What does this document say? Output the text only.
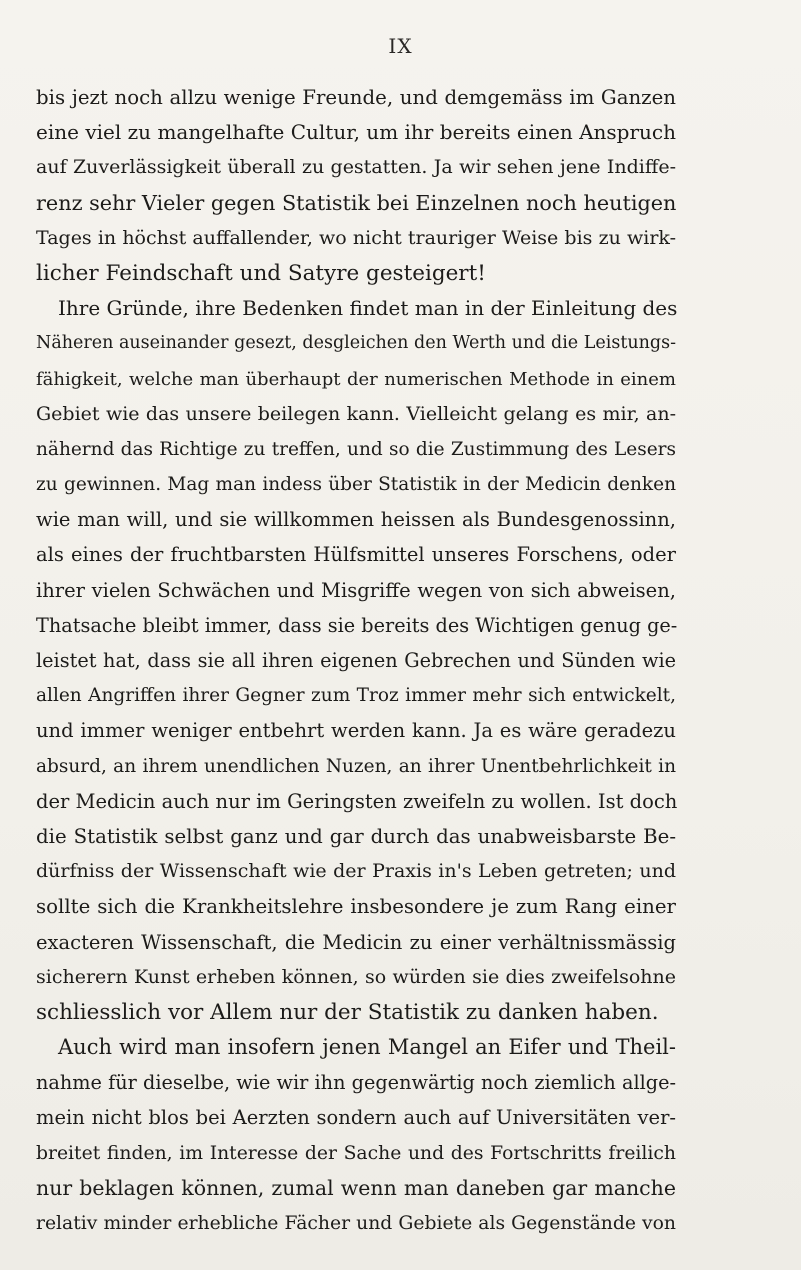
IX
bis jezt noch allzu wenige Freunde, und demgemäss im Ganzen
eine viel zu mangelhafte Cultur, um ihr bereits einen Anspruch
auf Zuverlässigkeit überall zu gestatten. Ja wir sehen jene Indiffe-
renz sehr Vieler gegen Statistik bei Einzelnen noch heutigen
Tages in höchst auffallender, wo nicht trauriger Weise bis zu wirk-
licher Feindschaft und Satyre gesteigert!
Ihre Gründe, ihre Bedenken findet man in der Einleitung des
Näheren auseinander gesezt, desgleichen den Werth und die Leistungs-
fähigkeit, welche man überhaupt der numerischen Methode in einem
Gebiet wie das unsere beilegen kann. Vielleicht gelang es mir, an-
nähernd das Richtige zu treffen, und so die Zustimmung des Lesers
zu gewinnen. Mag man indess über Statistik in der Medicin denken
wie man will, und sie willkommen heissen als Bundesgenossinn,
als eines der fruchtbarsten Hülfsmittel unseres Forschens, oder
ihrer vielen Schwächen und Misgriffe wegen von sich abweisen,
Thatsache bleibt immer, dass sie bereits des Wichtigen genug ge-
leistet hat, dass sie all ihren eigenen Gebrechen und Sünden wie
allen Angriffen ihrer Gegner zum Troz immer mehr sich entwickelt,
und immer weniger entbehrt werden kann. Ja es wäre geradezu
absurd, an ihrem unendlichen Nuzen, an ihrer Unentbehrlichkeit in
der Medicin auch nur im Geringsten zweifeln zu wollen. Ist doch
die Statistik selbst ganz und gar durch das unabweisbarste Be-
dürfniss der Wissenschaft wie der Praxis in's Leben getreten; und
sollte sich die Krankheitslehre insbesondere je zum Rang einer
exacteren Wissenschaft, die Medicin zu einer verhältnissmässig
sicherern Kunst erheben können, so würden sie dies zweifelsohne
schliesslich vor Allem nur der Statistik zu danken haben.
Auch wird man insofern jenen Mangel an Eifer und Theil-
nahme für dieselbe, wie wir ihn gegenwärtig noch ziemlich allge-
mein nicht blos bei Aerzten sondern auch auf Universitäten ver-
breitet finden, im Interesse der Sache und des Fortschritts freilich
nur beklagen können, zumal wenn man daneben gar manche
relativ minder erhebliche Fächer und Gebiete als Gegenstände von
